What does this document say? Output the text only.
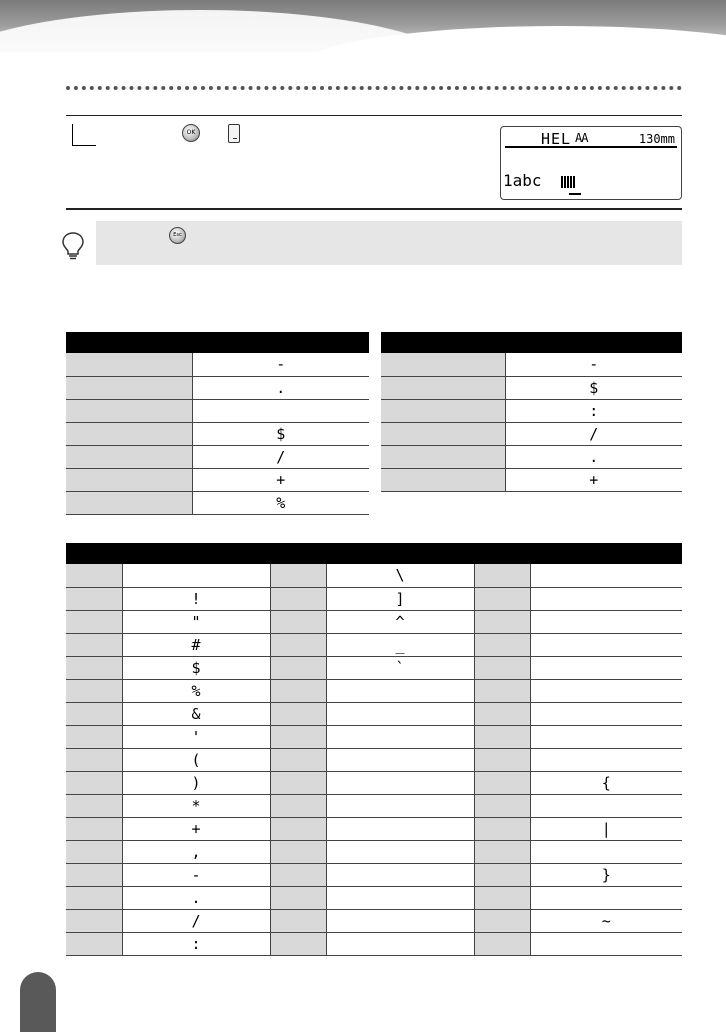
OK	HEL AA	130mm
1abc
Esc

	-
	.

	$
	/
	+
	%

	-
	$
	:
	/
	.
	+

			\		
	!		]		
	"		^		
	#		_		
	$		`		
	%				
	&				
	'				
	(				
	)				{
	*				
	+				|
	,				
	-				}
	.				
	/				~
	:				
